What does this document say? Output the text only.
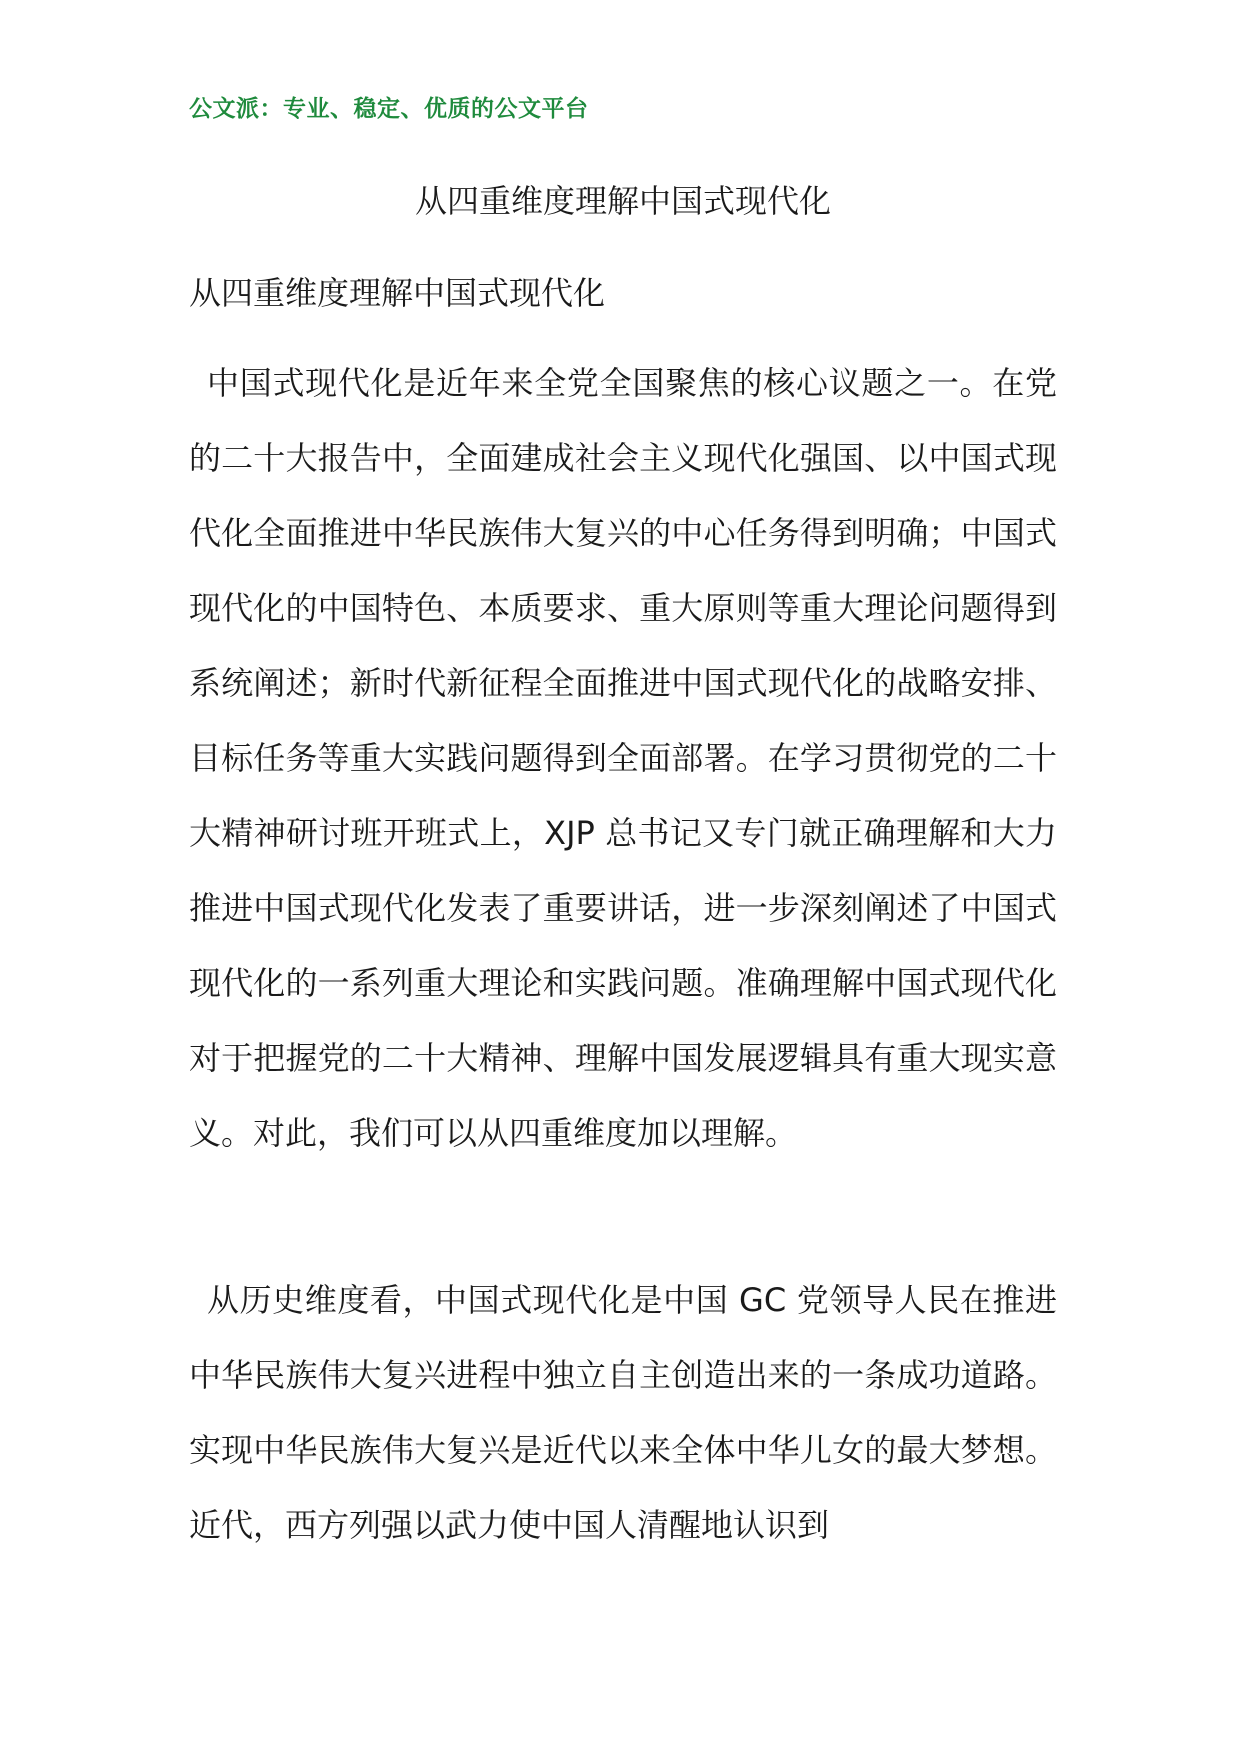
公文派：专业、稳定、优质的公文平台
从四重维度理解中国式现代化
从四重维度理解中国式现代化

中国式现代化是近年来全党全国聚焦的核心议题之一。在党的二十大报告中，全面建成社会主义现代化强国、以中国式现代化全面推进中华民族伟大复兴的中心任务得到明确；中国式现代化的中国特色、本质要求、重大原则等重大理论问题得到系统阐述；新时代新征程全面推进中国式现代化的战略安排、目标任务等重大实践问题得到全面部署。在学习贯彻党的二十大精神研讨班开班式上，XJP 总书记又专门就正确理解和大力推进中国式现代化发表了重要讲话，进一步深刻阐述了中国式现代化的一系列重大理论和实践问题。准确理解中国式现代化对于把握党的二十大精神、理解中国发展逻辑具有重大现实意义。对此，我们可以从四重维度加以理解。

从历史维度看，中国式现代化是中国 GC 党领导人民在推进中华民族伟大复兴进程中独立自主创造出来的一条成功道路。实现中华民族伟大复兴是近代以来全体中华儿女的最大梦想。近代，西方列强以武力使中国人清醒地认识到
